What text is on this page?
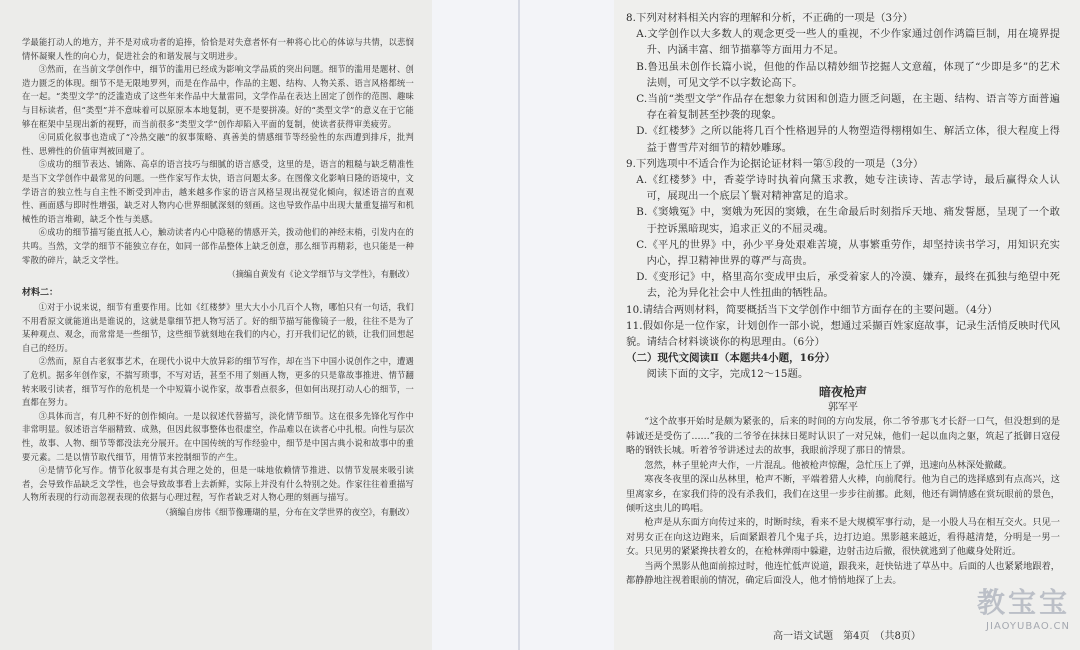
学最能打动人的地方，并不是对成功者的追捧，恰恰是对失意者怀有一种将心比心的体谅与共情，以悲悯情怀凝聚人性的向心力，促进社会的和谐发展与文明进步。

③然而，在当前文学创作中，细节的滥用已经成为影响文学品质的突出问题。细节的滥用是题材、创造力匮乏的体现。细节不是无限地罗列，而是在作品中，作品的主题、结构、人物关系、语言风格都统一在一起。“类型文学”的泛滥造成了这些年来作品中大量雷同，文学作品在表达上固定了创作的范围、趣味与目标读者，但“类型”并不意味着可以原原本本地复制，更不是要拼凑。好的“类型文学”的意义在于它能够在框架中呈现出新的视野，而当前很多“类型文学”创作却陷入平面的复制，使读者获得审美疲劳。

④同质化叙事也造成了“冷热交融”的叙事策略、真善美的情感细节等经验性的东西遭到排斥，批判性、思辨性的价值审判被回避了。

⑤成功的细节表达、铺陈、高卓的语言技巧与细腻的语言感受，这里的是，语言的粗糙与缺乏精准性是当下文学创作中最常见的问题。一些作家写作太快，语言问题太多。在图像文化影响日隆的语境中，文学语言的独立性与自主性不断受到冲击，越来越多作家的语言风格呈现出视觉化倾向，叙述语言的直观性、画面感与即时性增强，缺乏对人物内心世界细腻深刻的刻画。这也导致作品中出现大量重复描写和机械性的语言堆砌，缺乏个性与美感。

⑥成功的细节描写能直抵人心，触动读者内心中隐秘的情感开关，拨动他们的神经末梢，引发内在的共鸣。当然，文学的细节不能独立存在，如同一部作品整体上缺乏创意，那么细节再精彩，也只能是一种零散的碎片，缺乏文学性。

（摘编自黄发有《论文学细节与文学性》，有删改）

材料二：

①对于小说来说，细节有重要作用。比如《红楼梦》里大大小小几百个人物，哪怕只有一句话，我们不用看原文就能道出是谁说的，这就是靠细节把人物写活了。好的细节描写能像镜子一般，往往不是为了某种观点、观念，而常常是一些细节，这些细节就刻地在我们的内心，打开我们记忆的锁，让我们回想起自己的经历。

②然而，原自古老叙事艺术，在现代小说中大放异彩的细节写作，却在当下中国小说创作之中，遭遇了危机。据多年创作家，不揣写琐事，不写对话，甚至不用了刻画人物，更多的只是靠故事推进、情节翻转来吸引读者，细节写作的危机是一个中短篇小说作家，故事看点很多，但如何出现打动人心的细节，一直都在努力。

③具体而言，有几种不好的创作倾向。一是以叙述代替描写，淡化情节细节。这在很多先锋化写作中非常明显。叙述语言华丽精致、成熟，但因此叙事整体也很虚空，作品难以在读者心中扎根。向性与层次性，故事、人物、细节等都没法充分展开。在中国传统的写作经验中，细节是中国古典小说和故事中的重要元素。二是以情节取代细节，用情节来控制细节的产生。

④是情节化写作。情节化叙事是有其合理之处的，但是一味地依赖情节推进、以情节发展来吸引读者，会导致作品缺乏文学性，也会导致故事看上去新鲜，实际上并没有什么特别之处。作家往往着重描写人物所表现的行动而忽视表现的依据与心理过程，写作者缺乏对人物心理的刻画与描写。

（摘编自房伟《细节像珊瑚的星，分布在文学世界的夜空》，有删改）

8.下列对材料相关内容的理解和分析，不正确的一项是（3分）

A.文学创作以大多数人的观念更受一些人的重视，不少作家通过创作鸿篇巨制，用在境界提升、内涵丰富、细节描摹等方面用力不足。

B.鲁迅虽未创作长篇小说，但他的作品以精妙细节挖掘人文意蕴，体现了“少即是多”的艺术法则，可见文学不以字数论高下。

C.当前“类型文学”作品存在想象力贫困和创造力匮乏问题，在主题、结构、语言等方面普遍存在着复制甚至抄袭的现象。

D.《红楼梦》之所以能将几百个性格迥异的人物塑造得栩栩如生、解活立体，很大程度上得益于曹雪芹对细节的精妙雕琢。

9.下列选项中不适合作为论据论证材料一第⑤段的一项是（3分）

A.《红楼梦》中，香菱学诗时执着向黛玉求教，她专注读诗、苦志学诗，最后赢得众人认可，展现出一个底层丫鬟对精神富足的追求。

B.《窦娥冤》中，窦娥为死因的窦娥，在生命最后时刻指斥天地、痛发誓愿，呈现了一个敢于控诉黑暗现实，追求正义的不屈灵魂。

C.《平凡的世界》中，孙少平身处艰难苦境，从事繁重劳作，却坚持读书学习，用知识充实内心，捍卫精神世界的尊严与高贵。

D.《变形记》中，格里高尔变成甲虫后，承受着家人的冷漠、嫌弃，最终在孤独与绝望中死去，沦为异化社会中人性扭曲的牺牲品。

10.请结合两则材料，简要概括当下文学创作中细节方面存在的主要问题。（4分）

11.假如你是一位作家，计划创作一部小说，想通过采撷百姓家庭故事，记录生活悄反映时代风貌。请结合材料谈谈你的构思理由。（6分）

（二）现代文阅读Ⅱ（本题共4小题，16分）

阅读下面的文字，完成12～15题。

暗夜枪声

郭军平

“这个故事开始时是颇为紧张的，后来的时间的方向发展，你二爷爷那飞才长舒一口气，但没想到的是韩诚还是受伤了……”我的二爷爷在抹抹日冕时认识了一对兄妹，他们一起以血肉之躯，筑起了抵御日寇侵略的钢铁长城。听着爷爷讲述过去的故事，我眼前浮现了那日的情景。

忽然，林子里轮声大作，一片混乱。他被枪声惊醒，急忙压上了弹，迅速向丛林深处撤藏。

寒夜冬夜里的深山丛林里，枪声不断，平端着猎人火棒，向前爬行。他为自己的选择感到有点高兴，这里离家乡，在家我们待的没有杀我们，我们在这里一步步往前挪。此刻，他还有调情感在赏玩眼前的景色，倾听这虫儿的鸣唱。

枪声是从东面方向传过来的，时断时续，看来不是大规模军事行动，是一小股人马在相互交火。只见一对男女正在向这边跑来，后面紧跟着几个鬼子兵，边打边追。黑影越来越近，看得越清楚，分明是一男一女。只见男的紧紧搀扶着女的，在枪林弹雨中躲避，边射击边后撤，很快就逃到了他藏身处附近。

当两个黑影从他面前掠过时，他连忙低声说道，跟我来，赶快钻进了草丛中。后面的人也紧紧地跟着，都静静地注视着眼前的情况，确定后面没人，他才悄悄地探了上去。

高一语文试题　第4页　（共8页）
教宝宝
JIAOYUBAO.CN
